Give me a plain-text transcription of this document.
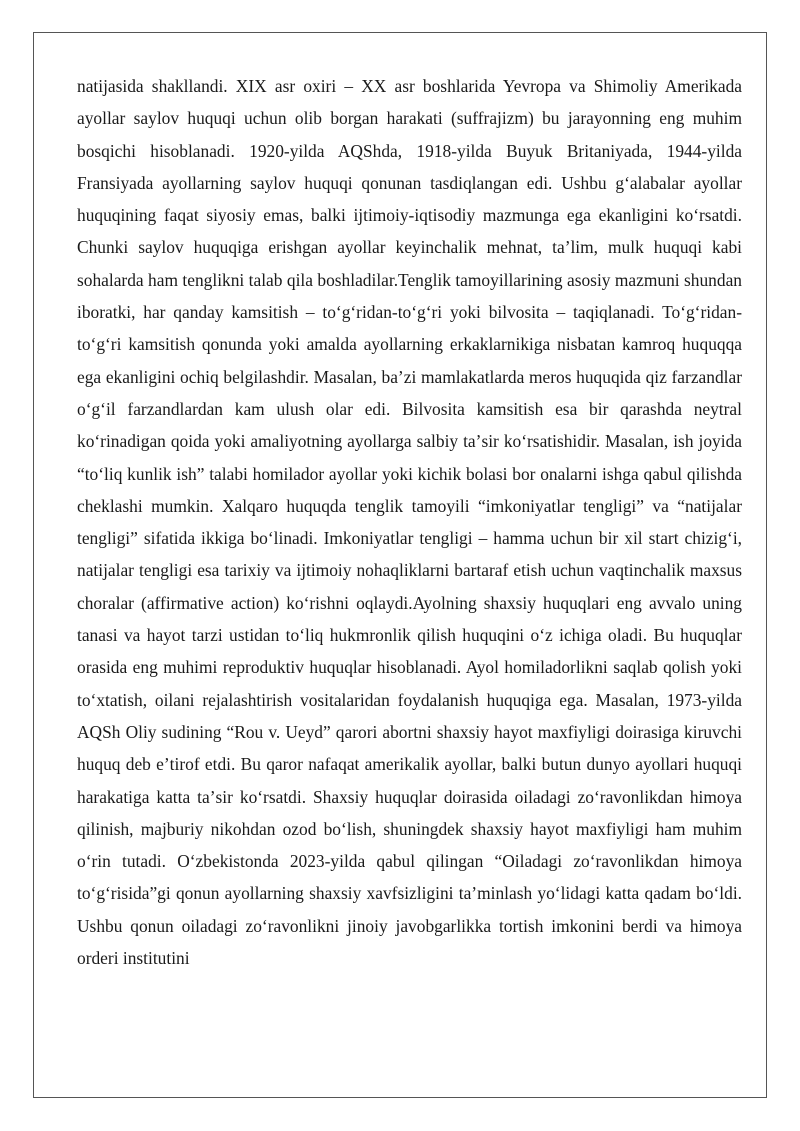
natijasida shakllandi. XIX asr oxiri – XX asr boshlarida Yevropa va Shimoliy Amerikada ayollar saylov huquqi uchun olib borgan harakati (suffrajizm) bu jarayonning eng muhim bosqichi hisoblanadi. 1920-yilda AQShda, 1918-yilda Buyuk Britaniyada, 1944-yilda Fransiyada ayollarning saylov huquqi qonunan tasdiqlangan edi. Ushbu gʻalabalar ayollar huquqining faqat siyosiy emas, balki ijtimoiy-iqtisodiy mazmunga ega ekanligini koʻrsatdi. Chunki saylov huquqiga erishgan ayollar keyinchalik mehnat, taʼlim, mulk huquqi kabi sohalarda ham tenglikni talab qila boshladilar.Tenglik tamoyillarining asosiy mazmuni shundan iboratki, har qanday kamsitish – toʻgʻridan-toʻgʻri yoki bilvosita – taqiqlanadi. Toʻgʻridan-toʻgʻri kamsitish qonunda yoki amalda ayollarning erkaklarnikiga nisbatan kamroq huquqqa ega ekanligini ochiq belgilashdir. Masalan, baʼzi mamlakatlarda meros huquqida qiz farzandlar oʻgʻil farzandlardan kam ulush olar edi. Bilvosita kamsitish esa bir qarashda neytral koʻrinadigan qoida yoki amaliyotning ayollarga salbiy taʼsir koʻrsatishidir. Masalan, ish joyida “toʻliq kunlik ish” talabi homilador ayollar yoki kichik bolasi bor onalarni ishga qabul qilishda cheklashi mumkin. Xalqaro huquqda tenglik tamoyili “imkoniyatlar tengligi” va “natijalar tengligi” sifatida ikkiga boʻlinadi. Imkoniyatlar tengligi – hamma uchun bir xil start chizigʻi, natijalar tengligi esa tarixiy va ijtimoiy nohaqliklarni bartaraf etish uchun vaqtinchalik maxsus choralar (affirmative action) koʻrishni oqlaydi.Ayolning shaxsiy huquqlari eng avvalo uning tanasi va hayot tarzi ustidan toʻliq hukmronlik qilish huquqini oʻz ichiga oladi. Bu huquqlar orasida eng muhimi reproduktiv huquqlar hisoblanadi. Ayol homiladorlikni saqlab qolish yoki toʻxtatish, oilani rejalashtirish vositalaridan foydalanish huquqiga ega. Masalan, 1973-yilda AQSh Oliy sudining “Rou v. Ueyd” qarori abortni shaxsiy hayot maxfiyligi doirasiga kiruvchi huquq deb eʼtirof etdi. Bu qaror nafaqat amerikalik ayollar, balki butun dunyo ayollari huquqi harakatiga katta taʼsir koʻrsatdi. Shaxsiy huquqlar doirasida oiladagi zoʻravonlikdan himoya qilinish, majburiy nikohdan ozod boʻlish, shuningdek shaxsiy hayot maxfiyligi ham muhim oʻrin tutadi. Oʻzbekistonda 2023-yilda qabul qilingan “Oiladagi zoʻravonlikdan himoya toʻgʻrisida”gi qonun ayollarning shaxsiy xavfsizligini taʼminlash yoʻlidagi katta qadam boʻldi. Ushbu qonun oiladagi zoʻravonlikni jinoiy javobgarlikka tortish imkonini berdi va himoya orderi institutini
